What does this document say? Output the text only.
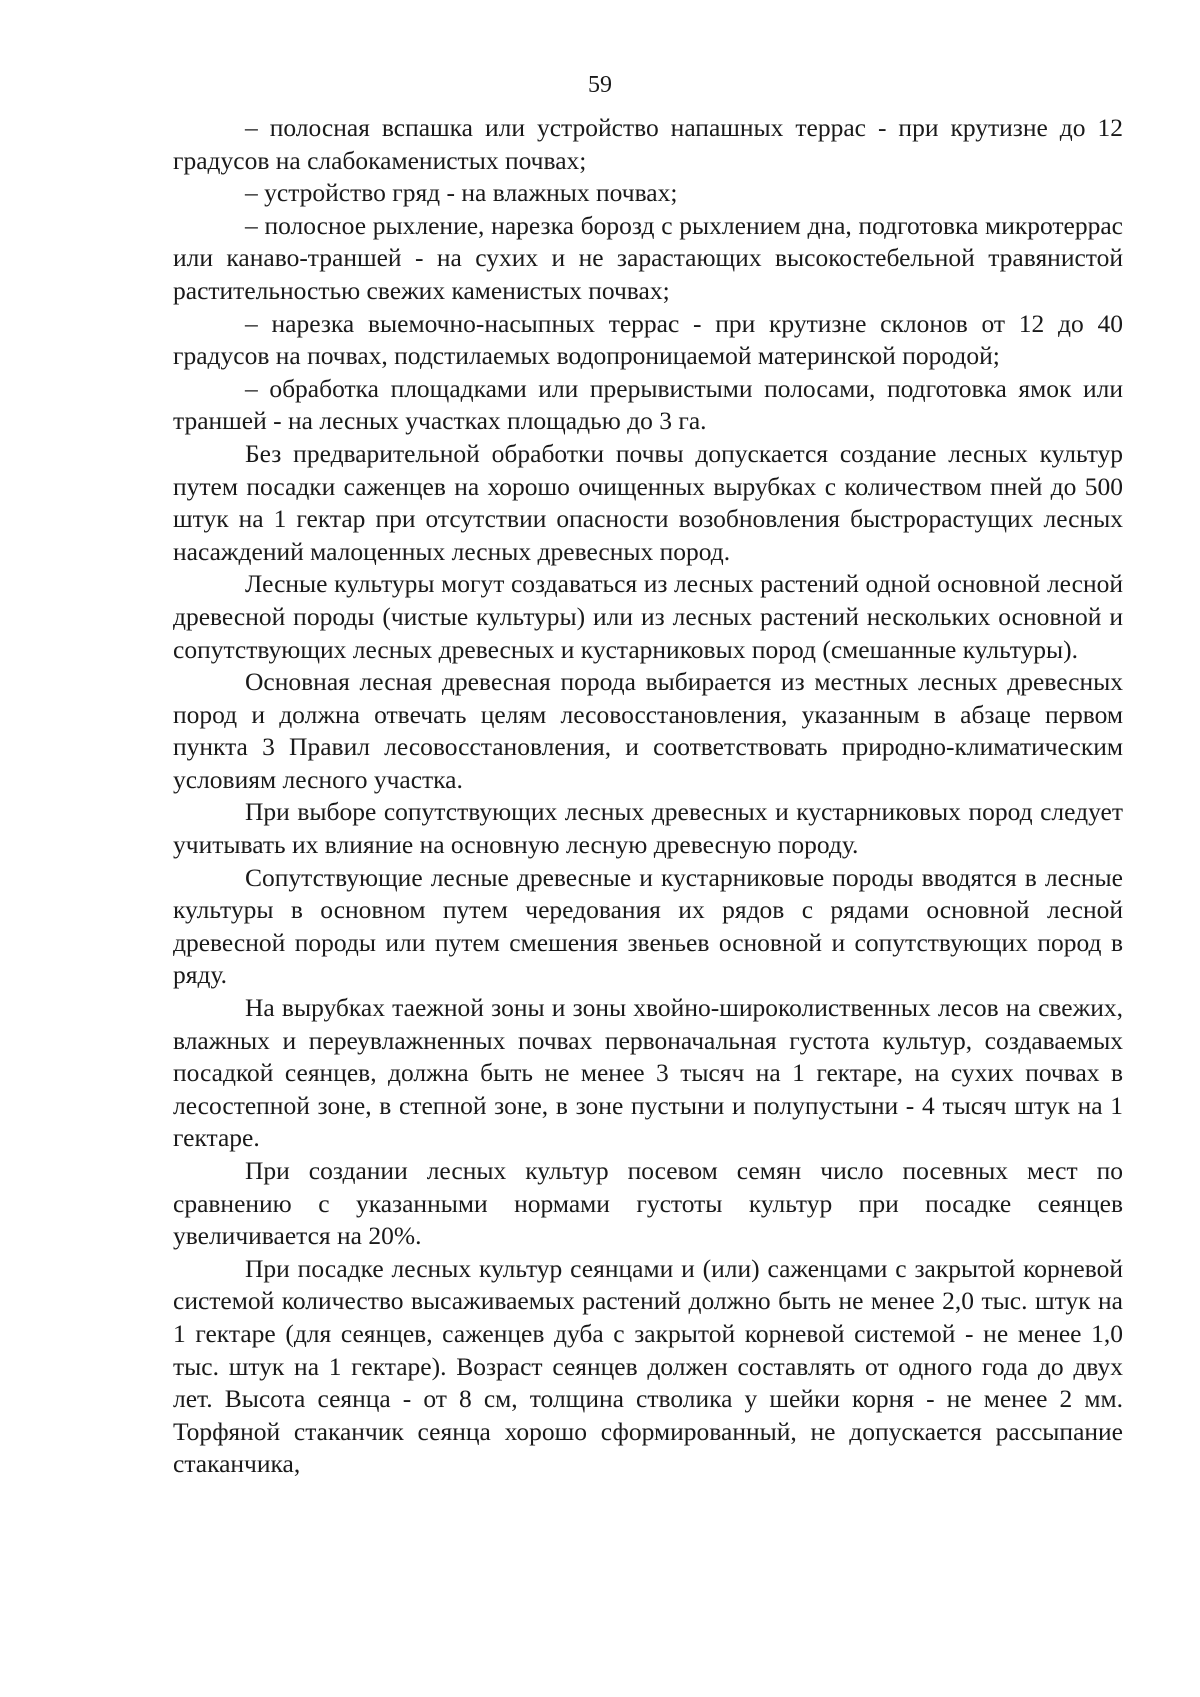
59

– полосная вспашка или устройство напашных террас - при крутизне до 12 градусов на слабокаменистых почвах;

– устройство гряд - на влажных почвах;

– полосное рыхление, нарезка борозд с рыхлением дна, подготовка микротеррас или канаво-траншей - на сухих и не зарастающих высокостебельной травянистой растительностью свежих каменистых почвах;

– нарезка выемочно-насыпных террас - при крутизне склонов от 12 до 40 градусов на почвах, подстилаемых водопроницаемой материнской породой;

– обработка площадками или прерывистыми полосами, подготовка ямок или траншей - на лесных участках площадью до 3 га.

Без предварительной обработки почвы допускается создание лесных культур путем посадки саженцев на хорошо очищенных вырубках с количеством пней до 500 штук на 1 гектар при отсутствии опасности возобновления быстрорастущих лесных насаждений малоценных лесных древесных пород.

Лесные культуры могут создаваться из лесных растений одной основной лесной древесной породы (чистые культуры) или из лесных растений нескольких основной и сопутствующих лесных древесных и кустарниковых пород (смешанные культуры).

Основная лесная древесная порода выбирается из местных лесных древесных пород и должна отвечать целям лесовосстановления, указанным в абзаце первом пункта 3 Правил лесовосстановления, и соответствовать природно-климатическим условиям лесного участка.

При выборе сопутствующих лесных древесных и кустарниковых пород следует учитывать их влияние на основную лесную древесную породу.

Сопутствующие лесные древесные и кустарниковые породы вводятся в лесные культуры в основном путем чередования их рядов с рядами основной лесной древесной породы или путем смешения звеньев основной и сопутствующих пород в ряду.

На вырубках таежной зоны и зоны хвойно-широколиственных лесов на свежих, влажных и переувлажненных почвах первоначальная густота культур, создаваемых посадкой сеянцев, должна быть не менее 3 тысяч на 1 гектаре, на сухих почвах в лесостепной зоне, в степной зоне, в зоне пустыни и полупустыни - 4 тысяч штук на 1 гектаре.

При создании лесных культур посевом семян число посевных мест по сравнению с указанными нормами густоты культур при посадке сеянцев увеличивается на 20%.

При посадке лесных культур сеянцами и (или) саженцами с закрытой корневой системой количество высаживаемых растений должно быть не менее 2,0 тыс. штук на 1 гектаре (для сеянцев, саженцев дуба с закрытой корневой системой - не менее 1,0 тыс. штук на 1 гектаре). Возраст сеянцев должен составлять от одного года до двух лет. Высота сеянца - от 8 см, толщина стволика у шейки корня - не менее 2 мм. Торфяной стаканчик сеянца хорошо сформированный, не допускается рассыпание стаканчика,
